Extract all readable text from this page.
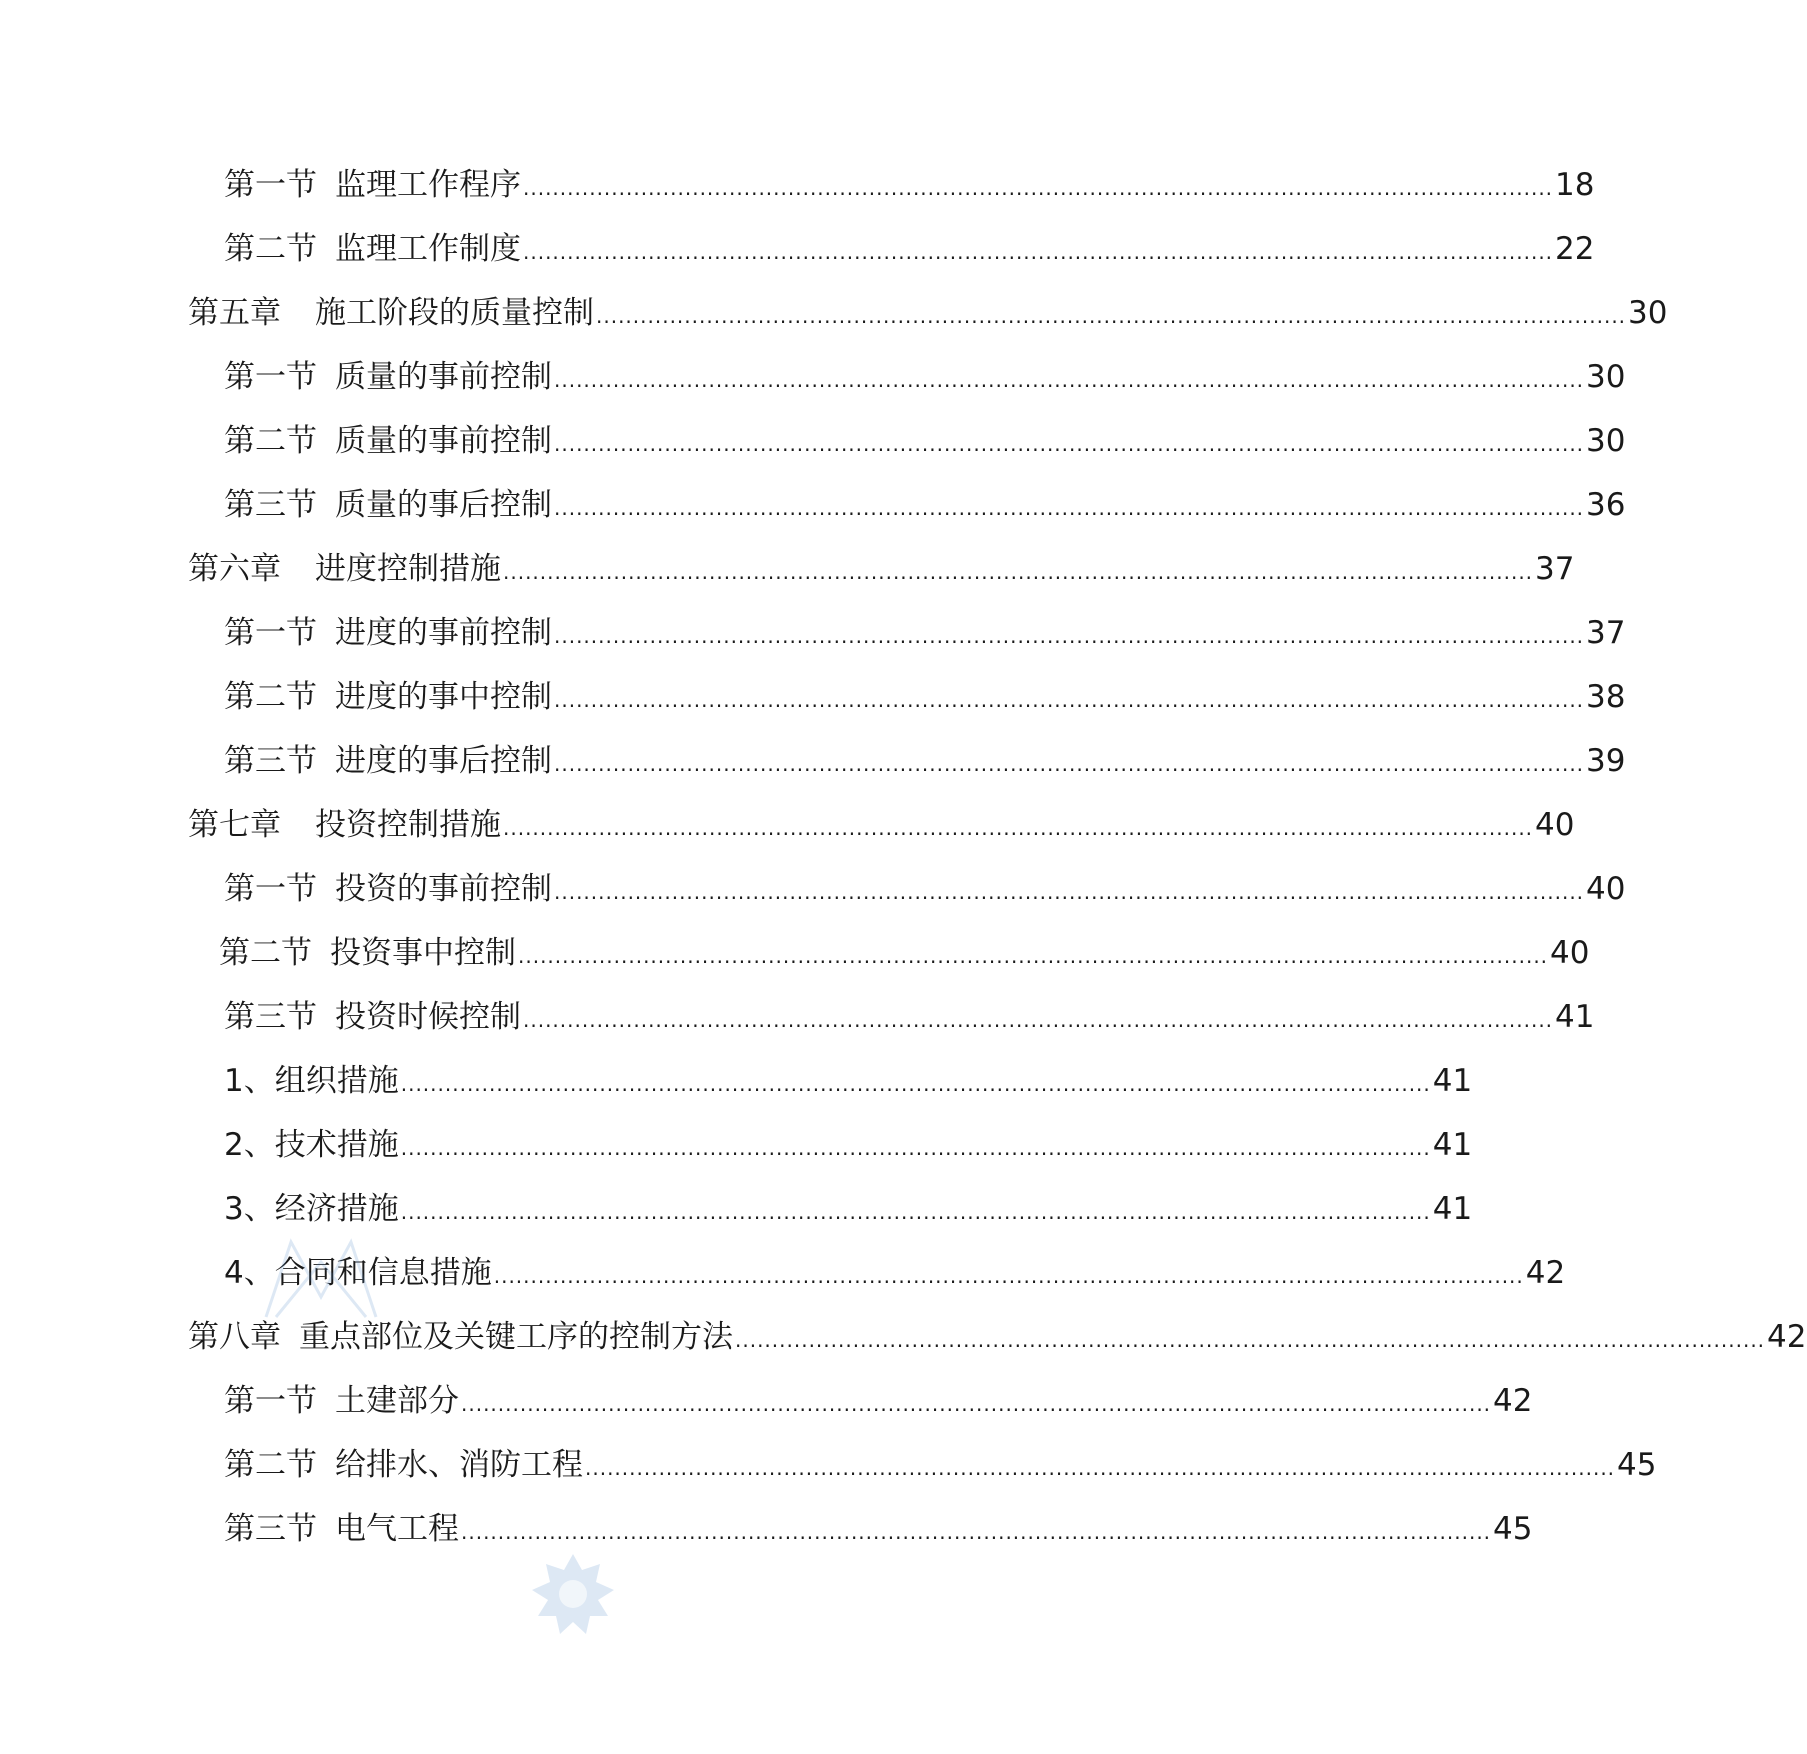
第一节 监理工作程序 ............................................................................................................................................ 18
第二节 监理工作制度 ............................................................................................................................................ 22
第五章 施工阶段的质量控制 ............................................................................................................................................ 30
第一节 质量的事前控制 ............................................................................................................................................ 30
第二节 质量的事前控制 ............................................................................................................................................ 30
第三节 质量的事后控制 ............................................................................................................................................ 36
第六章 进度控制措施 ............................................................................................................................................ 37
第一节 进度的事前控制 ............................................................................................................................................ 37
第二节 进度的事中控制 ............................................................................................................................................ 38
第三节 进度的事后控制 ............................................................................................................................................ 39
第七章 投资控制措施 ............................................................................................................................................ 40
第一节 投资的事前控制 ............................................................................................................................................ 40
第二节 投资事中控制 ............................................................................................................................................ 40
第三节 投资时候控制 ............................................................................................................................................ 41
1、组织措施 ............................................................................................................................................ 41
2、技术措施 ............................................................................................................................................ 41
3、经济措施 ............................................................................................................................................ 41
4、合同和信息措施 ............................................................................................................................................ 42
第八章 重点部位及关键工序的控制方法 ............................................................................................................................................ 42
第一节 土建部分 ............................................................................................................................................ 42
第二节 给排水、消防工程 ............................................................................................................................................ 45
第三节 电气工程 ............................................................................................................................................ 45
